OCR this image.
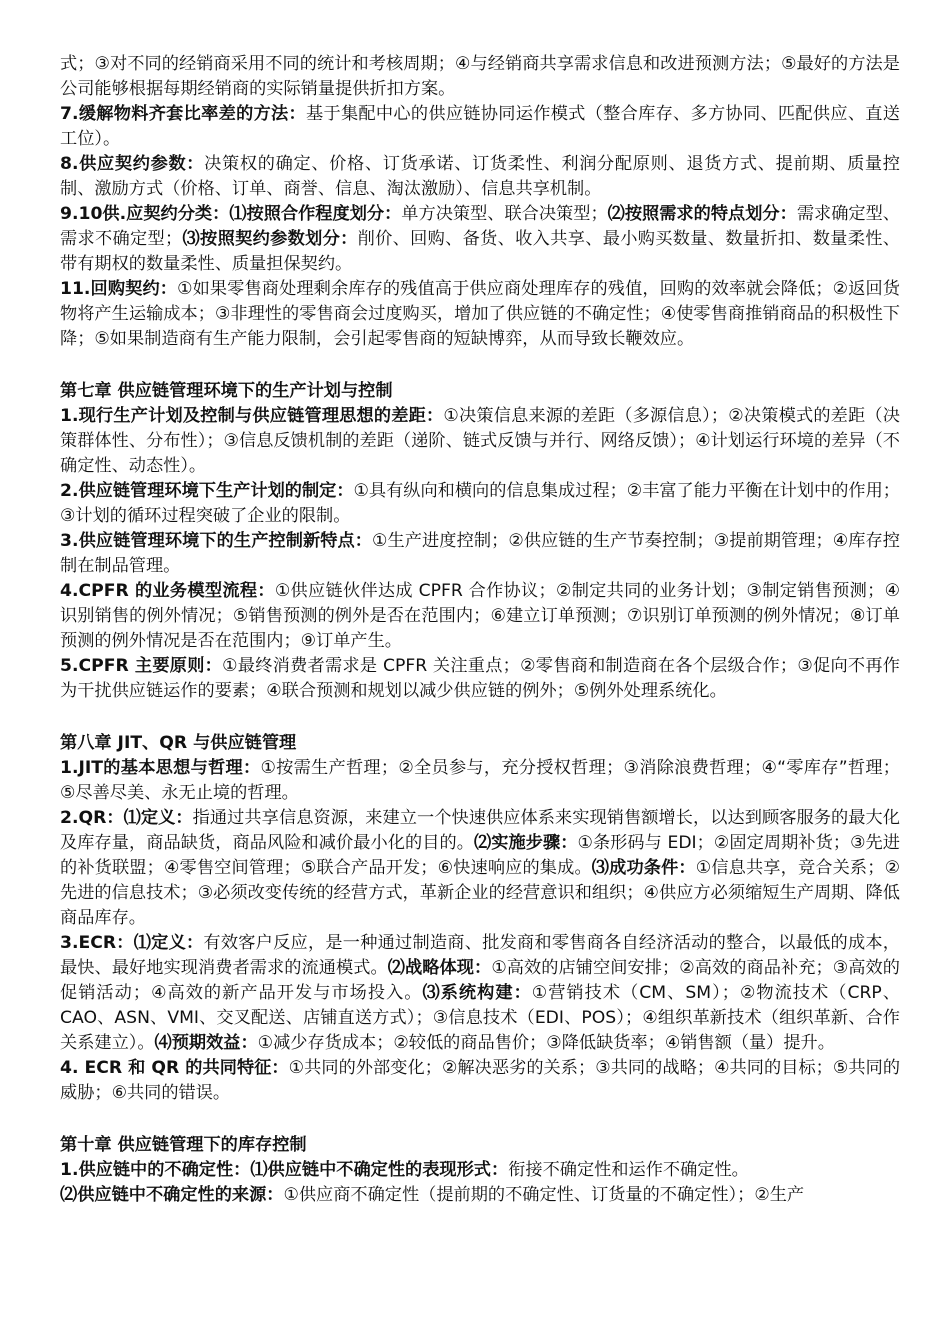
式；③对不同的经销商采用不同的统计和考核周期；④与经销商共享需求信息和改进预测方法；⑤最好的方法是公司能够根据每期经销商的实际销量提供折扣方案。

7.缓解物料齐套比率差的方法：基于集配中心的供应链协同运作模式（整合库存、多方协同、匹配供应、直送工位）。

8.供应契约参数：决策权的确定、价格、订货承诺、订货柔性、利润分配原则、退货方式、提前期、质量控制、激励方式（价格、订单、商誉、信息、淘汰激励）、信息共享机制。

9.10供.应契约分类：⑴按照合作程度划分：单方决策型、联合决策型；⑵按照需求的特点划分：需求确定型、需求不确定型；⑶按照契约参数划分：削价、回购、备货、收入共享、最小购买数量、数量折扣、数量柔性、带有期权的数量柔性、质量担保契约。

11.回购契约：①如果零售商处理剩余库存的残值高于供应商处理库存的残值，回购的效率就会降低；②返回货物将产生运输成本；③非理性的零售商会过度购买，增加了供应链的不确定性；④使零售商推销商品的积极性下降；⑤如果制造商有生产能力限制，会引起零售商的短缺博弈，从而导致长鞭效应。

第七章 供应链管理环境下的生产计划与控制

1.现行生产计划及控制与供应链管理思想的差距：①决策信息来源的差距（多源信息）；②决策模式的差距（决策群体性、分布性）；③信息反馈机制的差距（递阶、链式反馈与并行、网络反馈）；④计划运行环境的差异（不确定性、动态性）。

2.供应链管理环境下生产计划的制定：①具有纵向和横向的信息集成过程；②丰富了能力平衡在计划中的作用；③计划的循环过程突破了企业的限制。

3.供应链管理环境下的生产控制新特点：①生产进度控制；②供应链的生产节奏控制；③提前期管理；④库存控制在制品管理。

4.CPFR 的业务模型流程：①供应链伙伴达成 CPFR 合作协议；②制定共同的业务计划；③制定销售预测；④识别销售的例外情况；⑤销售预测的例外是否在范围内；⑥建立订单预测；⑦识别订单预测的例外情况；⑧订单预测的例外情况是否在范围内；⑨订单产生。

5.CPFR 主要原则：①最终消费者需求是 CPFR 关注重点；②零售商和制造商在各个层级合作；③促向不再作为干扰供应链运作的要素；④联合预测和规划以减少供应链的例外；⑤例外处理系统化。

第八章 JIT、QR 与供应链管理

1.JIT的基本思想与哲理：①按需生产哲理；②全员参与，充分授权哲理；③消除浪费哲理；④“零库存”哲理；⑤尽善尽美、永无止境的哲理。

2.QR：⑴定义：指通过共享信息资源，来建立一个快速供应体系来实现销售额增长，以达到顾客服务的最大化及库存量，商品缺货，商品风险和减价最小化的目的。⑵实施步骤：①条形码与 EDI；②固定周期补货；③先进的补货联盟；④零售空间管理；⑤联合产品开发；⑥快速响应的集成。⑶成功条件：①信息共享，竞合关系；②先进的信息技术；③必须改变传统的经营方式，革新企业的经营意识和组织；④供应方必须缩短生产周期、降低商品库存。

3.ECR：⑴定义：有效客户反应，是一种通过制造商、批发商和零售商各自经济活动的整合，以最低的成本，最快、最好地实现消费者需求的流通模式。⑵战略体现：①高效的店铺空间安排；②高效的商品补充；③高效的促销活动；④高效的新产品开发与市场投入。⑶系统构建：①营销技术（CM、SM）；②物流技术（CRP、CAO、ASN、VMI、交叉配送、店铺直送方式）；③信息技术（EDI、POS）；④组织革新技术（组织革新、合作关系建立）。⑷预期效益：①减少存货成本；②较低的商品售价；③降低缺货率；④销售额（量）提升。

4. ECR 和 QR 的共同特征：①共同的外部变化；②解决恶劣的关系；③共同的战略；④共同的目标；⑤共同的威胁；⑥共同的错误。

第十章 供应链管理下的库存控制

1.供应链中的不确定性：⑴供应链中不确定性的表现形式：衔接不确定性和运作不确定性。

⑵供应链中不确定性的来源：①供应商不确定性（提前期的不确定性、订货量的不确定性）；②生产
